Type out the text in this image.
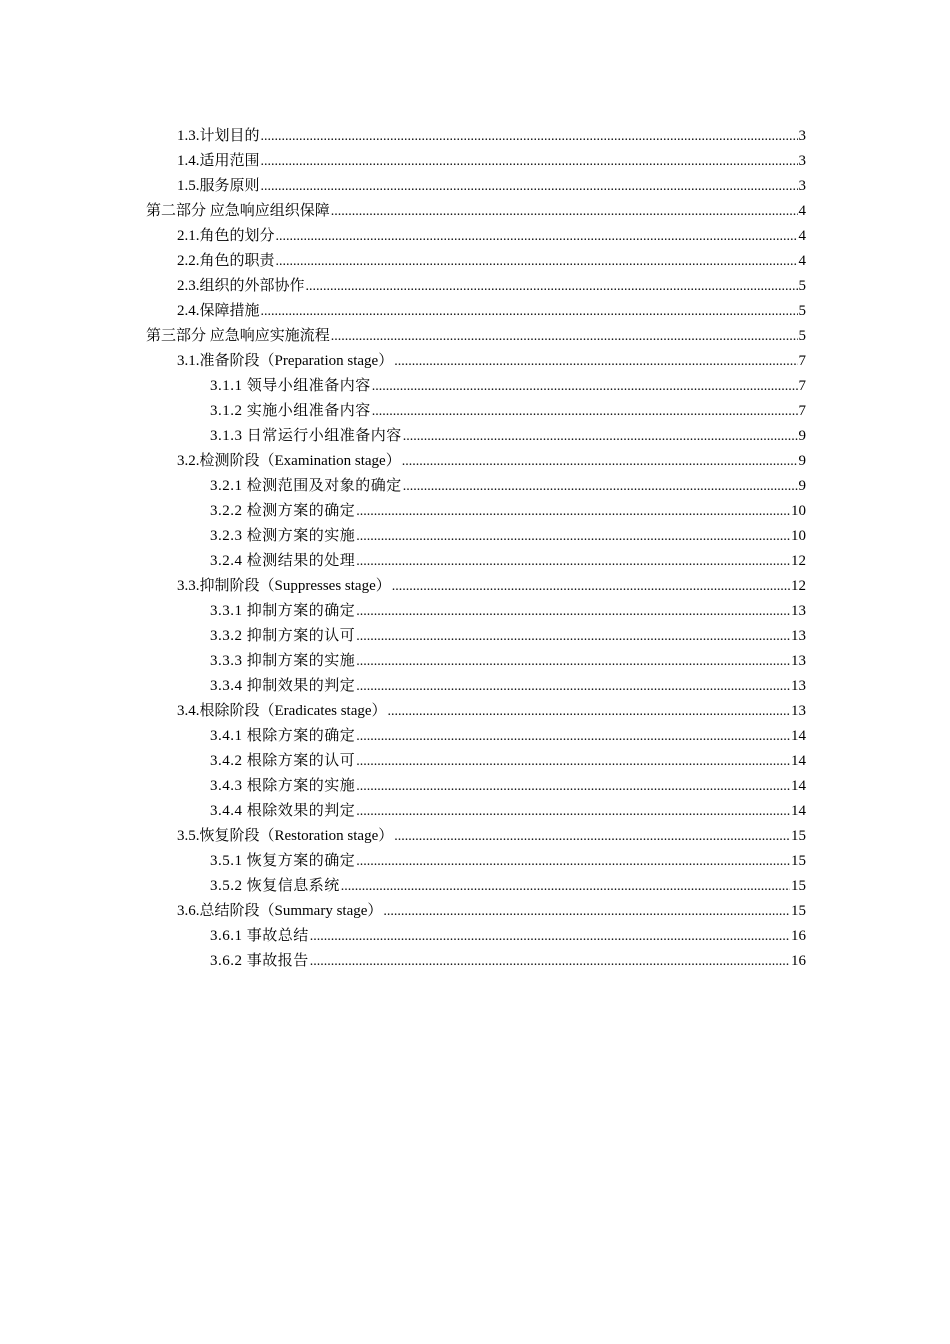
1.3.计划目的 .....	3
1.4.适用范围 .....	3
1.5.服务原则 .....	3
第二部分 应急响应组织保障 .....	4
2.1.角色的划分 .....	4
2.2.角色的职责 .....	4
2.3.组织的外部协作 .....	5
2.4.保障措施 .....	5
第三部分 应急响应实施流程 .....	5
3.1.准备阶段（Preparation stage） .....	7
3.1.1 领导小组准备内容 .....	7
3.1.2 实施小组准备内容 .....	7
3.1.3 日常运行小组准备内容 .....	9
3.2.检测阶段（Examination stage） .....	9
3.2.1 检测范围及对象的确定 .....	9
3.2.2 检测方案的确定 .....	10
3.2.3 检测方案的实施 .....	10
3.2.4 检测结果的处理 .....	12
3.3.抑制阶段（Suppresses stage） .....	12
3.3.1 抑制方案的确定 .....	13
3.3.2 抑制方案的认可 .....	13
3.3.3 抑制方案的实施 .....	13
3.3.4 抑制效果的判定 .....	13
3.4.根除阶段（Eradicates stage） .....	13
3.4.1 根除方案的确定 .....	14
3.4.2 根除方案的认可 .....	14
3.4.3 根除方案的实施 .....	14
3.4.4 根除效果的判定 .....	14
3.5.恢复阶段（Restoration stage） .....	15
3.5.1 恢复方案的确定 .....	15
3.5.2 恢复信息系统 .....	15
3.6.总结阶段（Summary stage） .....	15
3.6.1 事故总结 .....	16
3.6.2 事故报告 .....	16
